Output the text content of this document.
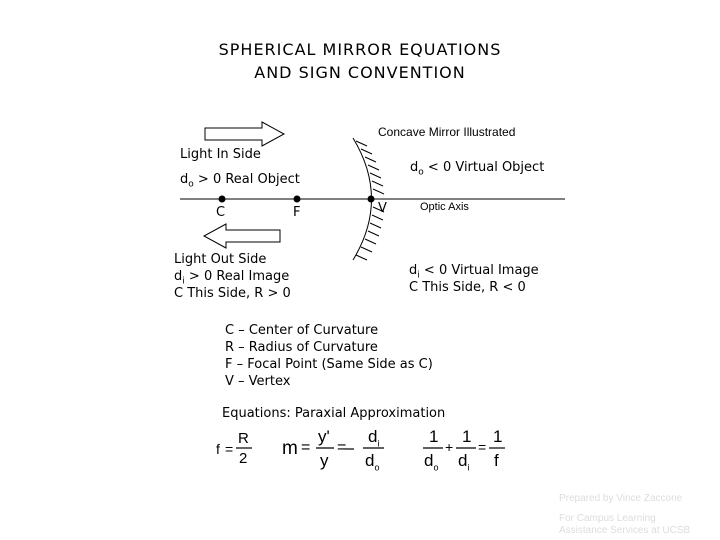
SPHERICAL MIRROR EQUATIONS
AND SIGN CONVENTION
Concave Mirror Illustrated
Light In Side
$d_o > 0$ Real Object
$d_o < 0$ Virtual Object
C	F	V	Optic Axis
Light Out Side
$d_i > 0$ Real Image
C This Side, R > 0
$d_i < 0$ Virtual Image
C This Side, R < 0
C – Center of Curvature
R – Radius of Curvature
F – Focal Point (Same Side as C)
V – Vertex
Equations: Paraxial Approximation
f =
R
2 m =
y'
y
=
$d_i$
$d_o$
1
$d_o$
+
1
$d_i$
=
1
f
Prepared by Vince Zaccone
For Campus Learning
Assistance Services at UCSB
